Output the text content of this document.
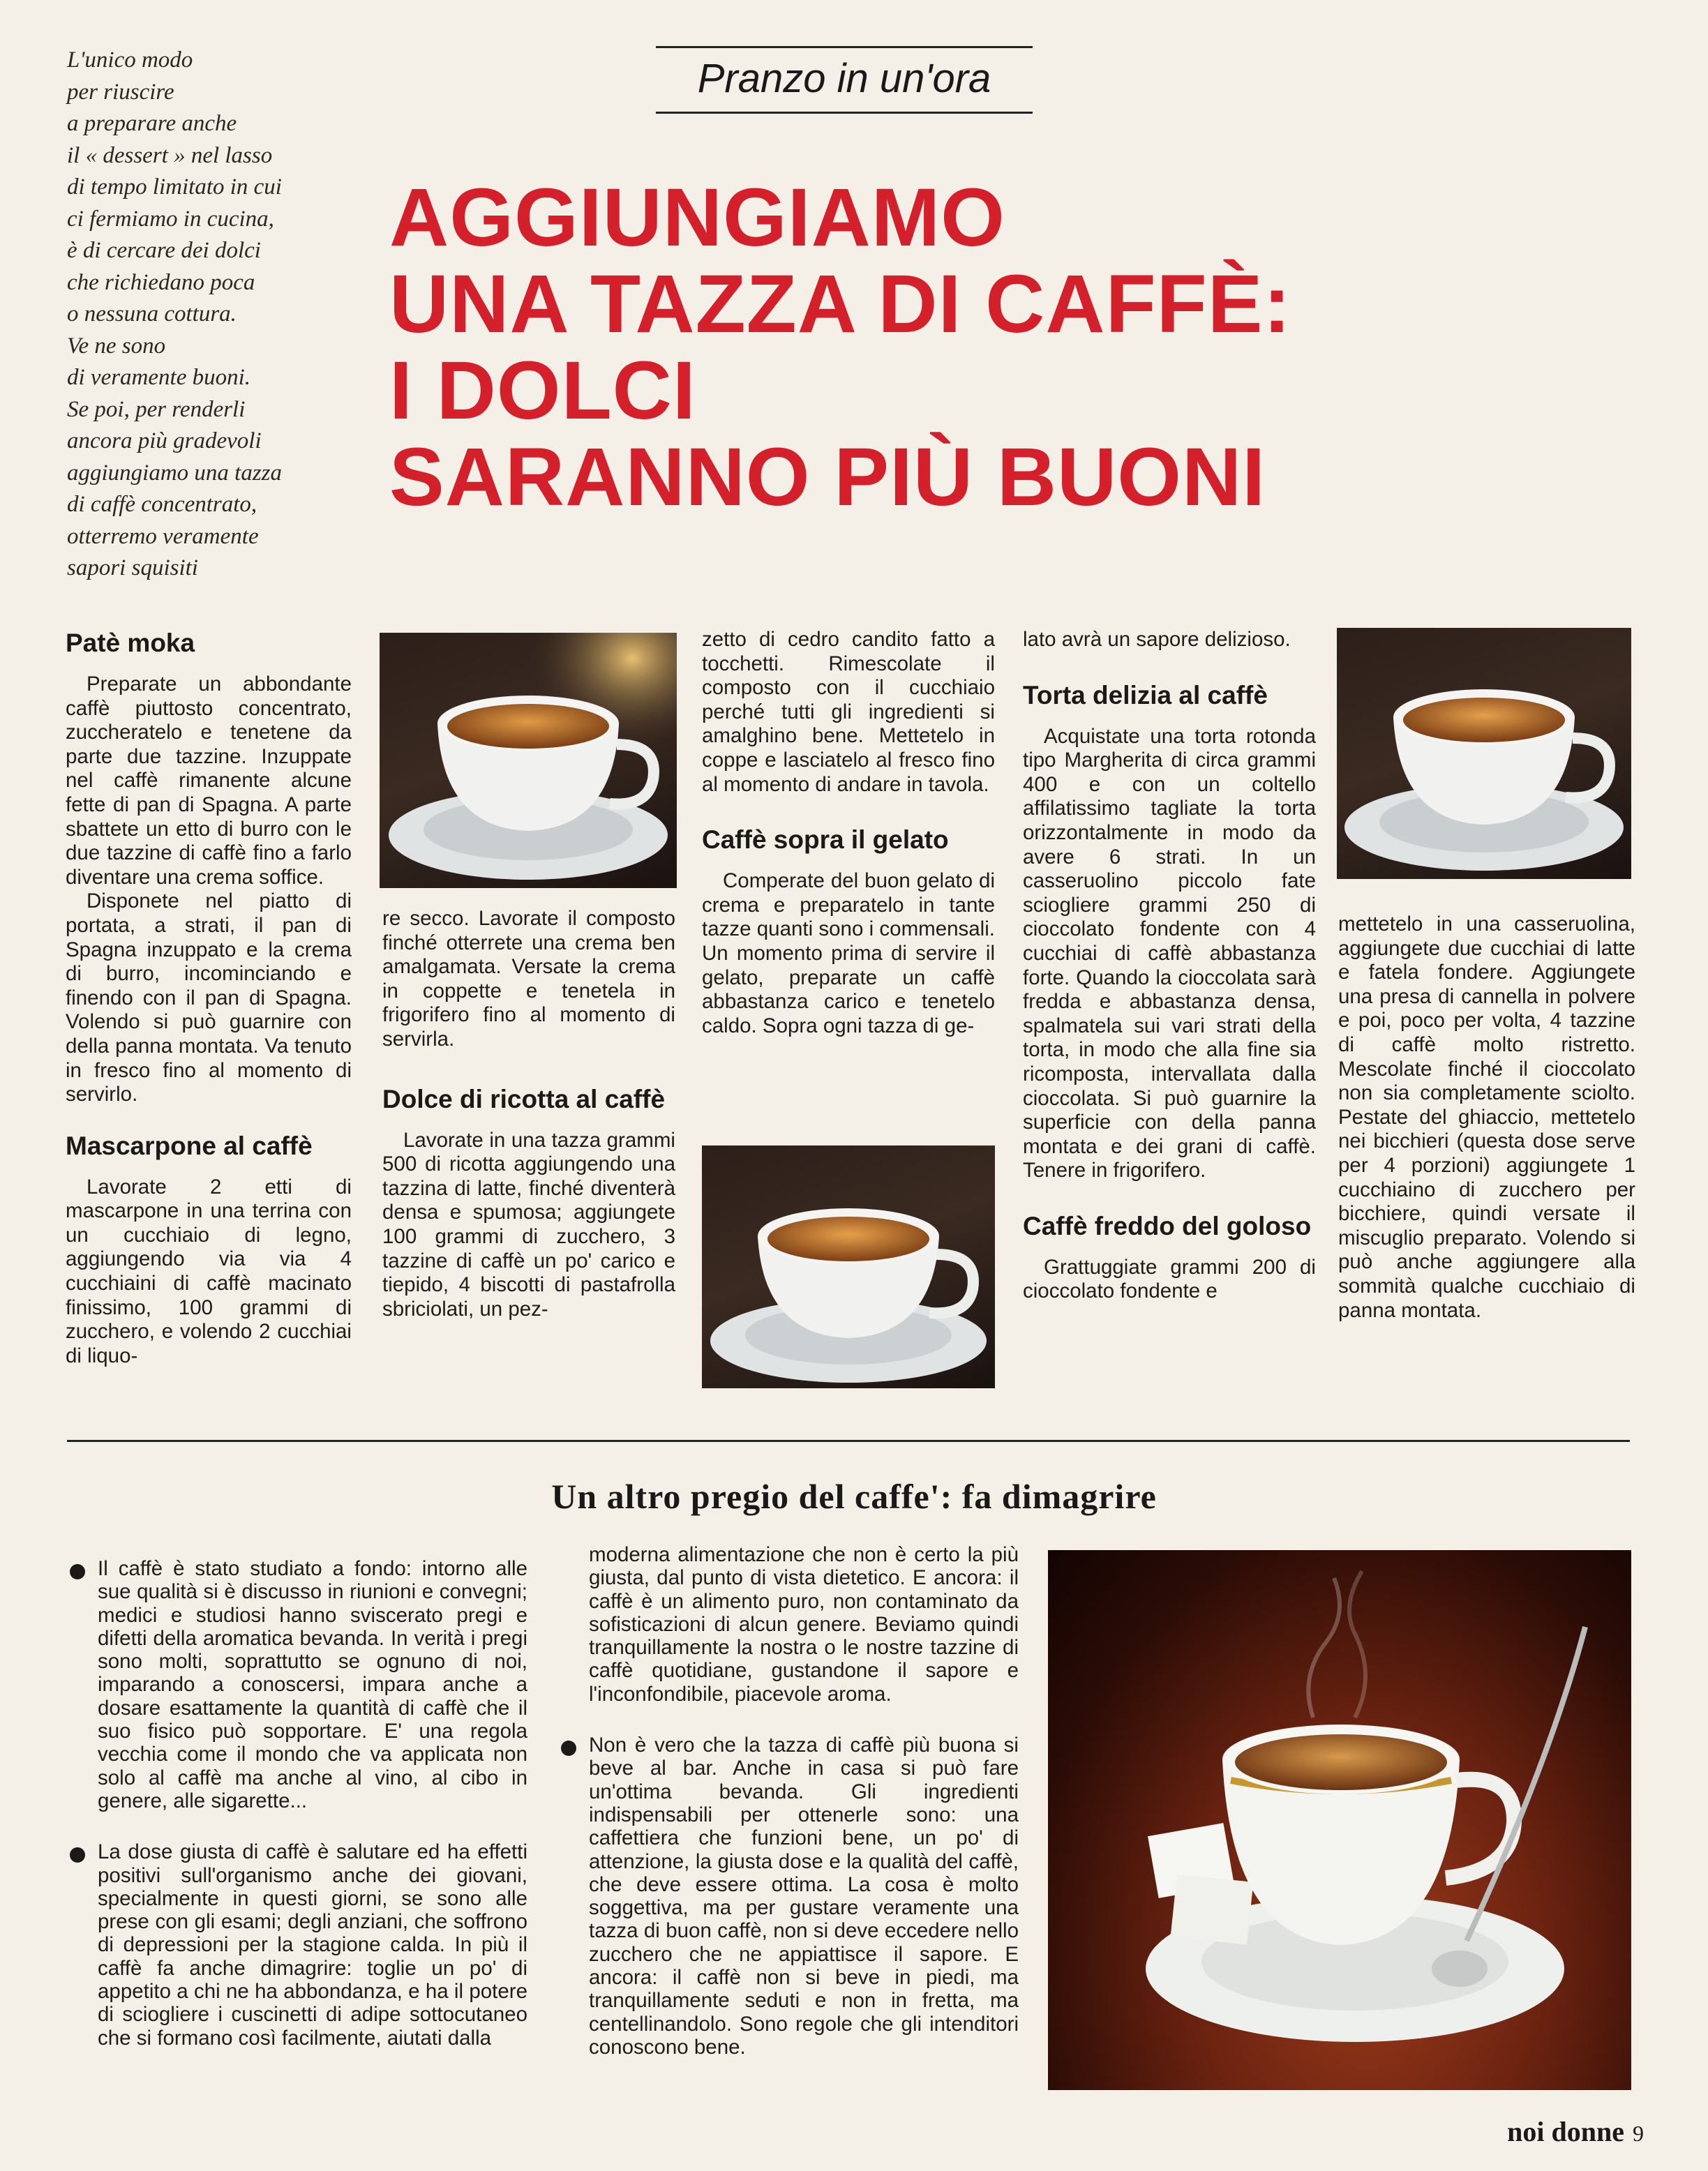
L'unico modo
per riuscire
a preparare anche
il « dessert » nel lasso
di tempo limitato in cui
ci fermiamo in cucina,
è di cercare dei dolci
che richiedano poca
o nessuna cottura.
Ve ne sono
di veramente buoni.
Se poi, per renderli
ancora più gradevoli
aggiungiamo una tazza
di caffè concentrato,
otterremo veramente
sapori squisiti
Pranzo in un'ora
AGGIUNGIAMO
UNA TAZZA DI CAFFÈ:
I DOLCI
SARANNO PIÙ BUONI
Patè moka

Preparate un abbondante caffè piuttosto concentrato, zuccheratelo e tenetene da parte due tazzine. Inzuppate nel caffè rimanente alcune fette di pan di Spagna. A parte sbattete un etto di burro con le due tazzine di caffè fino a farlo diventare una crema soffice.

Disponete nel piatto di portata, a strati, il pan di Spagna inzuppato e la crema di burro, incominciando e finendo con il pan di Spagna. Volendo si può guarnire con della panna montata. Va tenuto in fresco fino al momento di servirlo.

Mascarpone al caffè

Lavorate 2 etti di mascarpone in una terrina con un cucchiaio di legno, aggiungendo via via 4 cucchiaini di caffè macinato finissimo, 100 grammi di zucchero, e volendo 2 cucchiai di liquo-

re secco. Lavorate il composto finché otterrete una crema ben amalgamata. Versate la crema in coppette e tenetela in frigorifero fino al momento di servirla.

Dolce di ricotta al caffè

Lavorate in una tazza grammi 500 di ricotta aggiungendo una tazzina di latte, finché diventerà densa e spumosa; aggiungete 100 grammi di zucchero, 3 tazzine di caffè un po' carico e tiepido, 4 biscotti di pastafrolla sbriciolati, un pez-

zetto di cedro candito fatto a tocchetti. Rimescolate il composto con il cucchiaio perché tutti gli ingredienti si amalghino bene. Mettetelo in coppe e lasciatelo al fresco fino al momento di andare in tavola.

Caffè sopra il gelato

Comperate del buon gelato di crema e preparatelo in tante tazze quanti sono i commensali. Un momento prima di servire il gelato, preparate un caffè abbastanza carico e tenetelo caldo. Sopra ogni tazza di ge-

lato avrà un sapore delizioso.

Torta delizia al caffè

Acquistate una torta rotonda tipo Margherita di circa grammi 400 e con un coltello affilatissimo tagliate la torta orizzontalmente in modo da avere 6 strati. In un casseruolino piccolo fate sciogliere grammi 250 di cioccolato fondente con 4 cucchiai di caffè abbastanza forte. Quando la cioccolata sarà fredda e abbastanza densa, spalmatela sui vari strati della torta, in modo che alla fine sia ricomposta, intervallata dalla cioccolata. Si può guarnire la superficie con della panna montata e dei grani di caffè. Tenere in frigorifero.

Caffè freddo del goloso

Grattuggiate grammi 200 di cioccolato fondente e

mettetelo in una casseruolina, aggiungete due cucchiai di latte e fatela fondere. Aggiungete una presa di cannella in polvere e poi, poco per volta, 4 tazzine di caffè molto ristretto. Mescolate finché il cioccolato non sia completamente sciolto. Pestate del ghiaccio, mettetelo nei bicchieri (questa dose serve per 4 porzioni) aggiungete 1 cucchiaino di zucchero per bicchiere, quindi versate il miscuglio preparato. Volendo si può anche aggiungere alla sommità qualche cucchiaio di panna montata.

Un altro pregio del caffe': fa dimagrire

Il caffè è stato studiato a fondo: intorno alle sue qualità si è discusso in riunioni e convegni; medici e studiosi hanno sviscerato pregi e difetti della aromatica bevanda. In verità i pregi sono molti, soprattutto se ognuno di noi, imparando a conoscersi, impara anche a dosare esattamente la quantità di caffè che il suo fisico può sopportare. E' una regola vecchia come il mondo che va applicata non solo al caffè ma anche al vino, al cibo in genere, alle sigarette...

La dose giusta di caffè è salutare ed ha effetti positivi sull'organismo anche dei giovani, specialmente in questi giorni, se sono alle prese con gli esami; degli anziani, che soffrono di depressioni per la stagione calda. In più il caffè fa anche dimagrire: toglie un po' di appetito a chi ne ha abbondanza, e ha il potere di sciogliere i cuscinetti di adipe sottocutaneo che si formano così facilmente, aiutati dalla

moderna alimentazione che non è certo la più giusta, dal punto di vista dietetico. E ancora: il caffè è un alimento puro, non contaminato da sofisticazioni di alcun genere. Beviamo quindi tranquillamente la nostra o le nostre tazzine di caffè quotidiane, gustandone il sapore e l'inconfondibile, piacevole aroma.

Non è vero che la tazza di caffè più buona si beve al bar. Anche in casa si può fare un'ottima bevanda. Gli ingredienti indispensabili per ottenerle sono: una caffettiera che funzioni bene, un po' di attenzione, la giusta dose e la qualità del caffè, che deve essere ottima. La cosa è molto soggettiva, ma per gustare veramente una tazza di buon caffè, non si deve eccedere nello zucchero che ne appiattisce il sapore. E ancora: il caffè non si beve in piedi, ma tranquillamente seduti e non in fretta, ma centellinandolo. Sono regole che gli intenditori conoscono bene.

noi donne 9
